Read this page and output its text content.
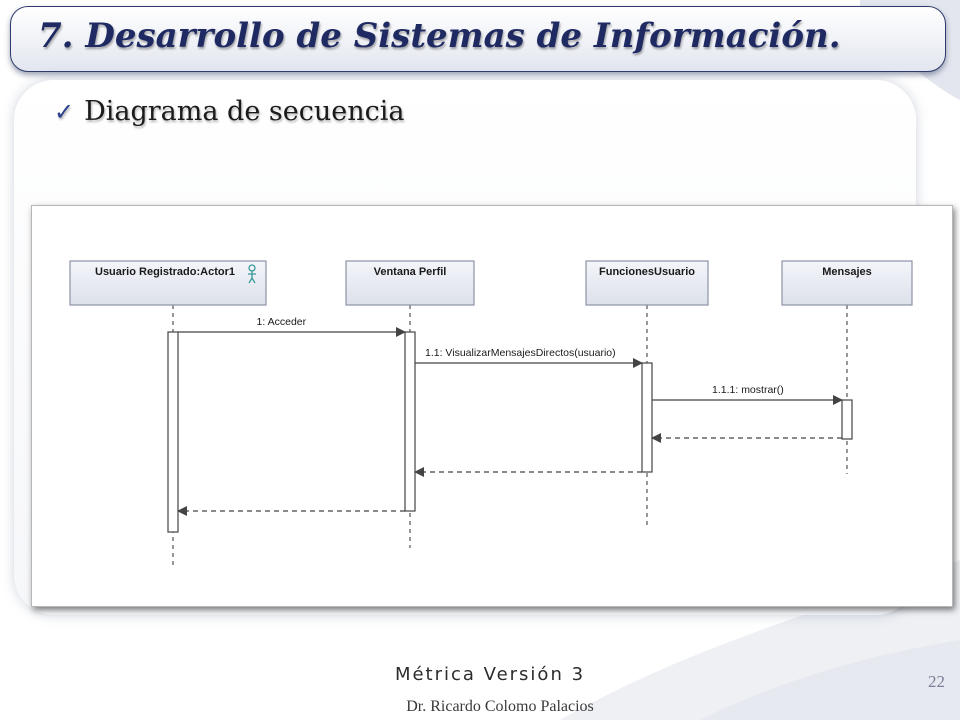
7. Desarrollo de Sistemas de Información.
✓ Diagrama de secuencia
Usuario Registrado:Actor1	Ventana Perfil	FuncionesUsuario	Mensajes
1: Acceder
1.1: VisualizarMensajesDirectos(usuario)
1.1.1: mostrar()
Métrica Versión 3
Dr. Ricardo Colomo Palacios
22
